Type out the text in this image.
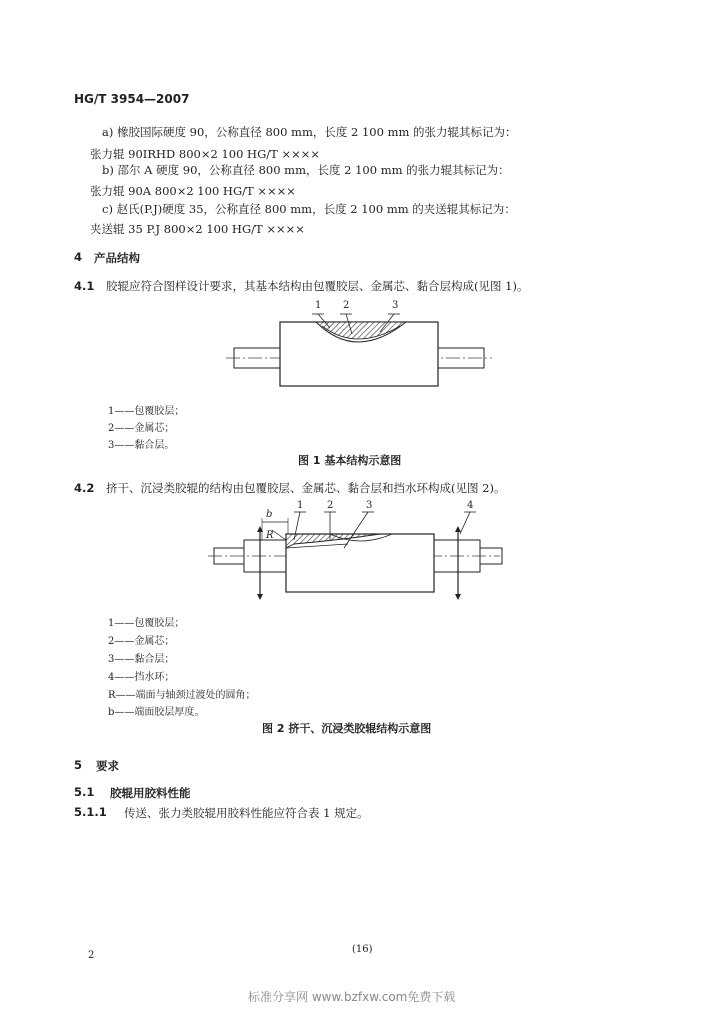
HG/T 3954—2007
a) 橡胶国际硬度 90，公称直径 800 mm，长度 2 100 mm 的张力辊其标记为：
张力辊 90IRHD 800×2 100 HG/T ××××
b) 邵尔 A 硬度 90，公称直径 800 mm，长度 2 100 mm 的张力辊其标记为：
张力辊 90A 800×2 100 HG/T ××××
c) 赵氏(P.J)硬度 35，公称直径 800 mm，长度 2 100 mm 的夹送辊其标记为：
夹送辊 35 P.J 800×2 100 HG/T ××××
4 产品结构
4.1 胶辊应符合图样设计要求，其基本结构由包覆胶层、金属芯、黏合层构成(见图 1)。
1 2	3
1——包覆胶层；
2——金属芯；
3——黏合层。
图 1 基本结构示意图
4.2 挤干、沉浸类胶辊的结构由包覆胶层、金属芯、黏合层和挡水环构成(见图 2)。
1 2	3	4
b
R
1——包覆胶层；
2——金属芯；
3——黏合层；
4——挡水环；
R——端面与轴颈过渡处的圆角；
b——端面胶层厚度。
图 2 挤干、沉浸类胶辊结构示意图
5 要求
5.1 胶辊用胶料性能
5.1.1 传送、张力类胶辊用胶料性能应符合表 1 规定。
2
(16)
标准分享网 www.bzfxw.com免费下载
